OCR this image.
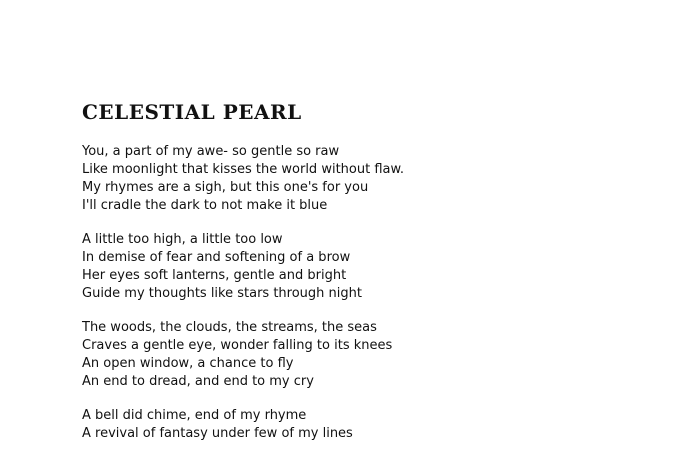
CELESTIAL PEARL
You, a part of my awe- so gentle so raw
Like moonlight that kisses the world without flaw.
My rhymes are a sigh, but this one's for you
I'll cradle the dark to not make it blue
A little too high, a little too low
In demise of fear and softening of a brow
Her eyes soft lanterns, gentle and bright
Guide my thoughts like stars through night
The woods, the clouds, the streams, the seas
Craves a gentle eye, wonder falling to its knees
An open window, a chance to fly
An end to dread, and end to my cry
A bell did chime, end of my rhyme
A revival of fantasy under few of my lines
